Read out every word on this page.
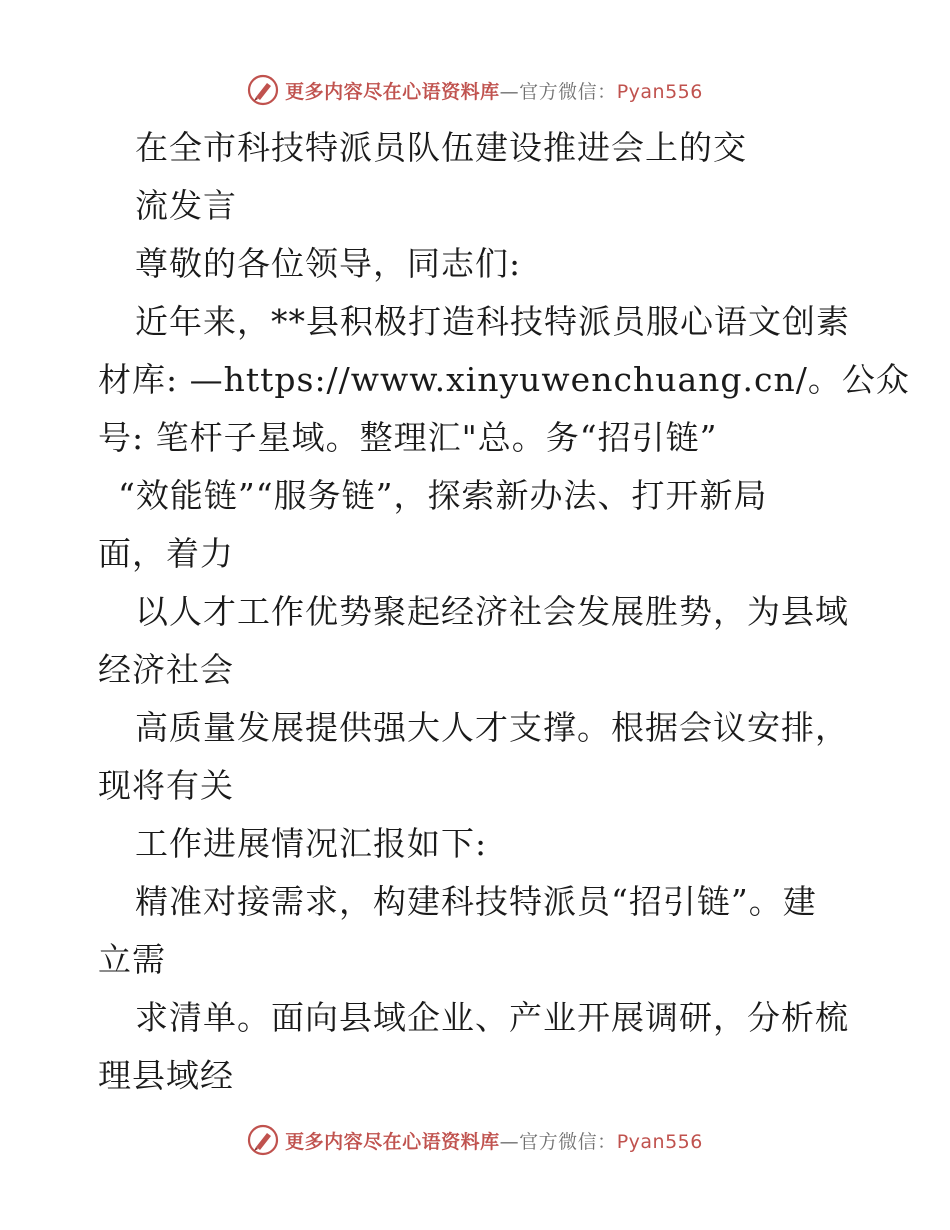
更多内容尽在心语资料库—官方微信：Pyan556
在全市科技特派员队伍建设推进会上的交
流发言
尊敬的各位领导，同志们:
近年来，**县积极打造科技特派员服心语文创素
材库: —https://www.xinyuwenchuang.cn/。公众
号: 笔杆子星域。整理汇"总。务“招引链”
“效能链”“服务链”，探索新办法、打开新局
面，着力
以人才工作优势聚起经济社会发展胜势，为县域
经济社会
高质量发展提供强大人才支撑。根据会议安排，
现将有关
工作进展情况汇报如下:
精准对接需求，构建科技特派员“招引链”。建
立需
求清单。面向县域企业、产业开展调研，分析梳
理县域经
更多内容尽在心语资料库—官方微信：Pyan556
